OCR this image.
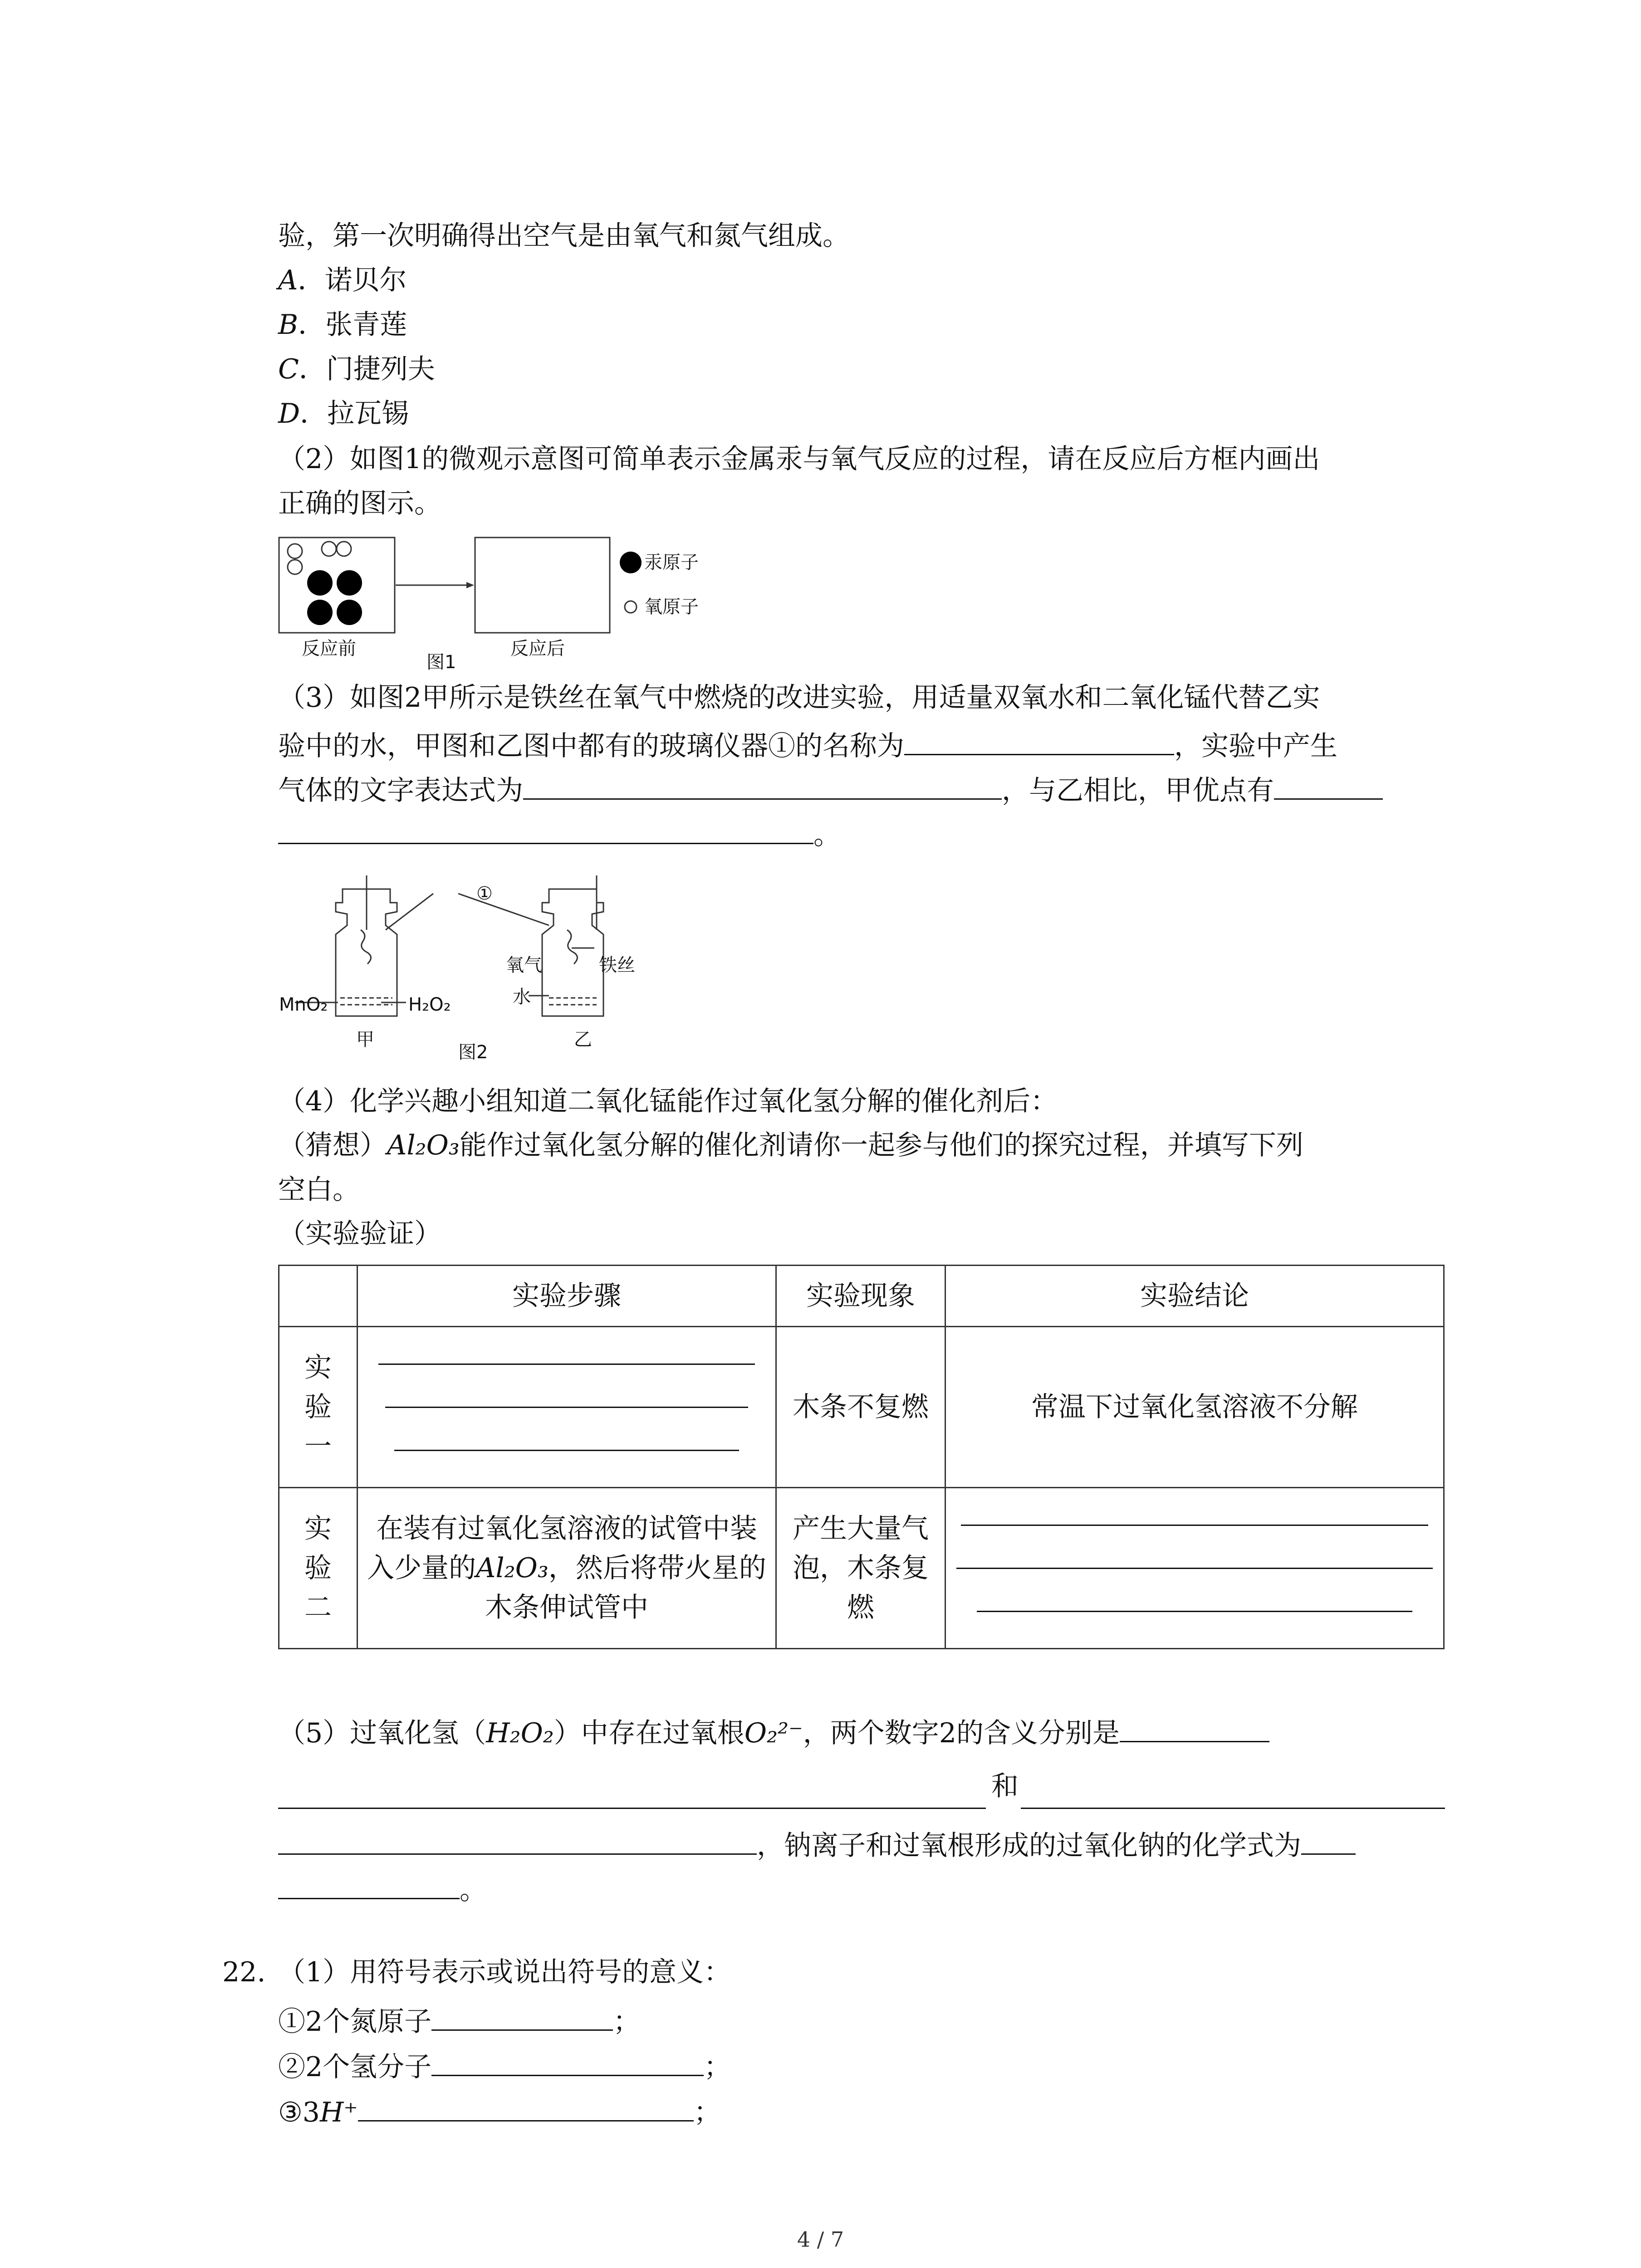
验，第一次明确得出空气是由氧气和氮气组成。
A．诺贝尔
B．张青莲
C．门捷列夫
D．拉瓦锡
（2）如图1的微观示意图可简单表示金属汞与氧气反应的过程，请在反应后方框内画出
正确的图示。
汞原子
氧原子
反应前
图1
反应后
（3）如图2甲所示是铁丝在氧气中燃烧的改进实验，用适量双氧水和二氧化锰代替乙实
验中的水，甲图和乙图中都有的玻璃仪器①的名称为	，实验中产生
气体的文字表达式为	，与乙相比，甲优点有
。
①
MnO₂	H₂O₂
氧气	铁丝
水
甲
图2
乙
（4）化学兴趣小组知道二氧化锰能作过氧化氢分解的催化剂后：
（猜想）Al₂O₃能作过氧化氢分解的催化剂请你一起参与他们的探究过程，并填写下列
空白。
（实验验证）
	实验步骤	实验现象	实验结论
实
验
一		木条不复燃	常温下过氧化氢溶液不分解
实
验
二	在装有过氧化氢溶液的试管中装入少量的Al₂O₃，然后将带火星的木条伸试管中	产生大量气泡，木条复燃	
（5）过氧化氢（H₂O₂）中存在过氧根O₂²⁻，两个数字2的含义分别是
和
，钠离子和过氧根形成的过氧化钠的化学式为
。
22. （1）用符号表示或说出符号的意义：
①2个氮原子	；
②2个氢分子	；
③3H⁺	；
4 / 7
